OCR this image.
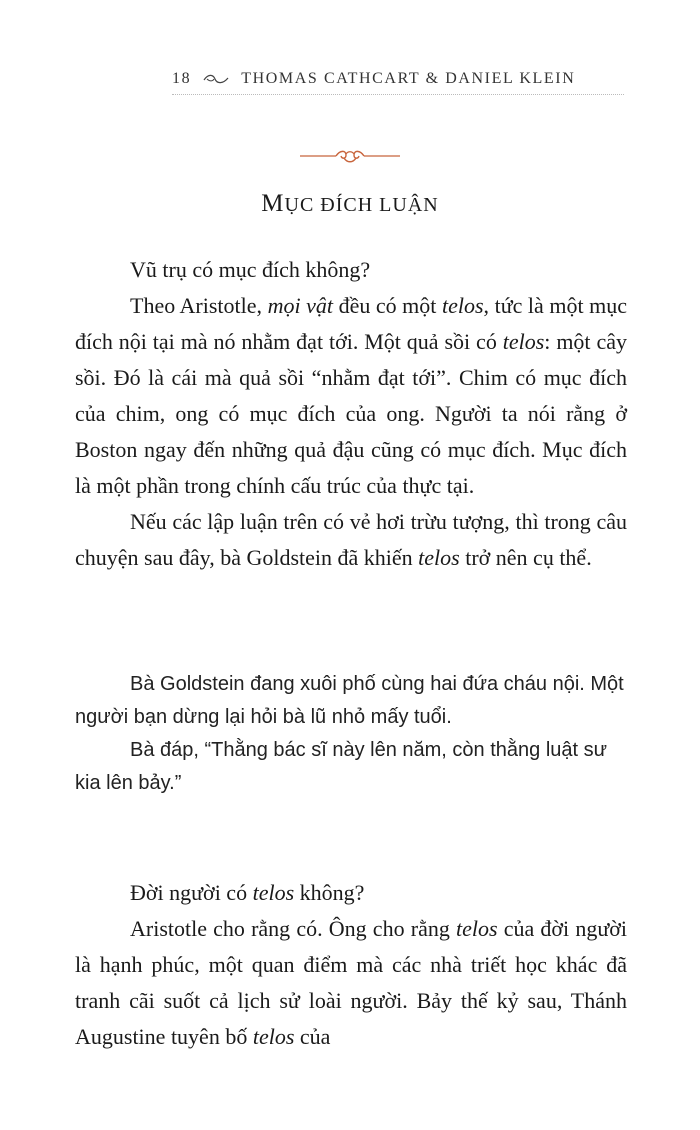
18	THOMAS CATHCART & DANIEL KLEIN
MỤC ĐÍCH LUẬN

Vũ trụ có mục đích không?

Theo Aristotle, mọi vật đều có một telos, tức là một mục đích nội tại mà nó nhằm đạt tới. Một quả sồi có telos: một cây sồi. Đó là cái mà quả sồi “nhằm đạt tới”. Chim có mục đích của chim, ong có mục đích của ong. Người ta nói rằng ở Boston ngay đến những quả đậu cũng có mục đích. Mục đích là một phần trong chính cấu trúc của thực tại.

Nếu các lập luận trên có vẻ hơi trừu tượng, thì trong câu chuyện sau đây, bà Goldstein đã khiến telos trở nên cụ thể.

Bà Goldstein đang xuôi phố cùng hai đứa cháu nội. Một người bạn dừng lại hỏi bà lũ nhỏ mấy tuổi.

Bà đáp, “Thằng bác sĩ này lên năm, còn thằng luật sư kia lên bảy.”

Đời người có telos không?

Aristotle cho rằng có. Ông cho rằng telos của đời người là hạnh phúc, một quan điểm mà các nhà triết học khác đã tranh cãi suốt cả lịch sử loài người. Bảy thế kỷ sau, Thánh Augustine tuyên bố telos của
